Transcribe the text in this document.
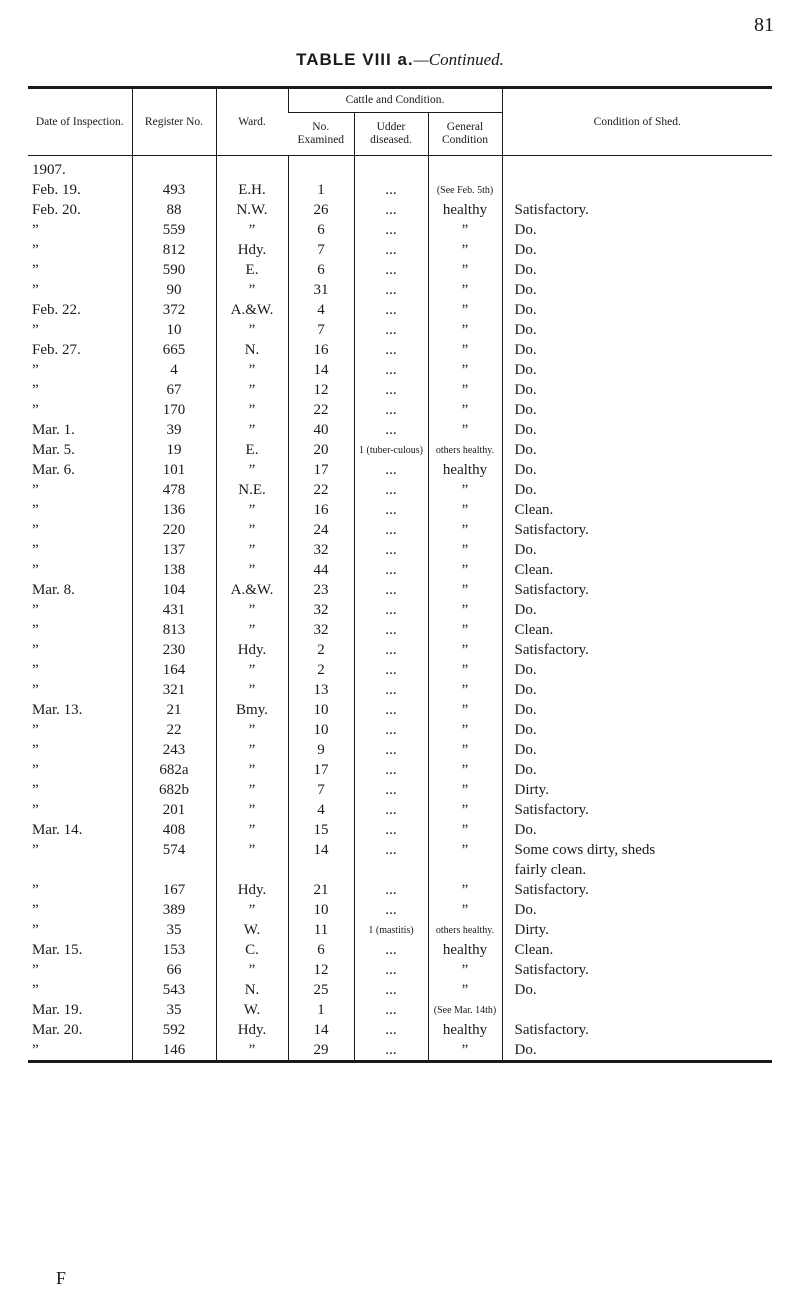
81
TABLE VIII a.—Continued.
Date of Inspection.	Register No.	Ward.	Cattle and Condition.			Condition of Shed.
			No. Examined	Udder diseased.	General Condition	
1907.						
Feb. 19.	493	E.H.	1	...	(See Feb. 5th)	
Feb. 20.	88	N.W.	26	...	healthy	Satisfactory.
”	559	”	6	...	”	Do.
”	812	Hdy.	7	...	”	Do.
”	590	E.	6	...	”	Do.
”	90	”	31	...	”	Do.
Feb. 22.	372	A.&W.	4	...	”	Do.
”	10	”	7	...	”	Do.
Feb. 27.	665	N.	16	...	”	Do.
”	4	”	14	...	”	Do.
”	67	”	12	...	”	Do.
”	170	”	22	...	”	Do.
Mar. 1.	39	”	40	...	”	Do.
Mar. 5.	19	E.	20	1 (tuber-culous)	others healthy.	Do.
Mar. 6.	101	”	17	...	healthy	Do.
”	478	N.E.	22	...	”	Do.
”	136	”	16	...	”	Clean.
”	220	”	24	...	”	Satisfactory.
”	137	”	32	...	”	Do.
”	138	”	44	...	”	Clean.
Mar. 8.	104	A.&W.	23	...	”	Satisfactory.
”	431	”	32	...	”	Do.
”	813	”	32	...	”	Clean.
”	230	Hdy.	2	...	”	Satisfactory.
”	164	”	2	...	”	Do.
”	321	”	13	...	”	Do.
Mar. 13.	21	Bmy.	10	...	”	Do.
”	22	”	10	...	”	Do.
”	243	”	9	...	”	Do.
”	682a	”	17	...	”	Do.
”	682b	”	7	...	”	Dirty.
”	201	”	4	...	”	Satisfactory.
Mar. 14.	408	”	15	...	”	Do.
”	574	”	14	...	”	Some cows dirty, sheds
						fairly clean.
”	167	Hdy.	21	...	”	Satisfactory.
”	389	”	10	...	”	Do.
”	35	W.	11	1 (mastitis)	others healthy.	Dirty.
Mar. 15.	153	C.	6	...	healthy	Clean.
”	66	”	12	...	”	Satisfactory.
”	543	N.	25	...	”	Do.
Mar. 19.	35	W.	1	...	(See Mar. 14th)	
Mar. 20.	592	Hdy.	14	...	healthy	Satisfactory.
”	146	”	29	...	”	Do.
F
